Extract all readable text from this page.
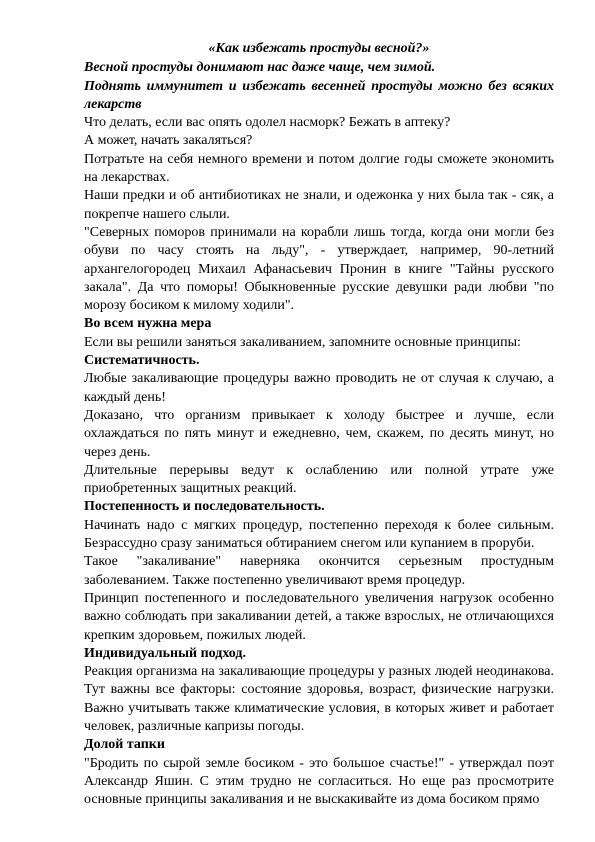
«Как избежать простуды весной?»

Весной простуды донимают нас даже чаще, чем зимой.

Поднять иммунитет и избежать весенней простуды можно без всяких лекарств

Что делать, если вас опять одолел насморк? Бежать в аптеку?

А может, начать закаляться?

Потратьте на себя немного времени и потом долгие годы сможете экономить на лекарствах.

Наши предки и об антибиотиках не знали, и одежонка у них была так - сяк, а покрепче нашего слыли.

"Северных поморов принимали на корабли лишь тогда, когда они могли без обуви по часу стоять на льду", - утверждает, например, 90-летний архангелогородец Михаил Афанасьевич Пронин в книге "Тайны русского закала". Да что поморы! Обыкновенные русские девушки ради любви "по морозу босиком к милому ходили".

Во всем нужна мера

Если вы решили заняться закаливанием, запомните основные принципы:

Систематичность.

Любые закаливающие процедуры важно проводить не от случая к случаю, а каждый день!

Доказано, что организм привыкает к холоду быстрее и лучше, если охлаждаться по пять минут и ежедневно, чем, скажем, по десять минут, но через день.

Длительные перерывы ведут к ослаблению или полной утрате уже приобретенных защитных реакций.

Постепенность и последовательность.

Начинать надо с мягких процедур, постепенно переходя к более сильным. Безрассудно сразу заниматься обтиранием снегом или купанием в проруби.

Такое "закаливание" наверняка окончится серьезным простудным заболеванием. Также постепенно увеличивают время процедур.

Принцип постепенного и последовательного увеличения нагрузок особенно важно соблюдать при закаливании детей, а также взрослых, не отличающихся крепким здоровьем, пожилых людей.

Индивидуальный подход.

Реакция организма на закаливающие процедуры у разных людей неодинакова. Тут важны все факторы: состояние здоровья, возраст, физические нагрузки. Важно учитывать также климатические условия, в которых живет и работает человек, различные капризы погоды.

Долой тапки

"Бродить по сырой земле босиком - это большое счастье!" - утверждал поэт Александр Яшин. С этим трудно не согласиться. Но еще раз просмотрите основные принципы закаливания и не выскакивайте из дома босиком прямо
